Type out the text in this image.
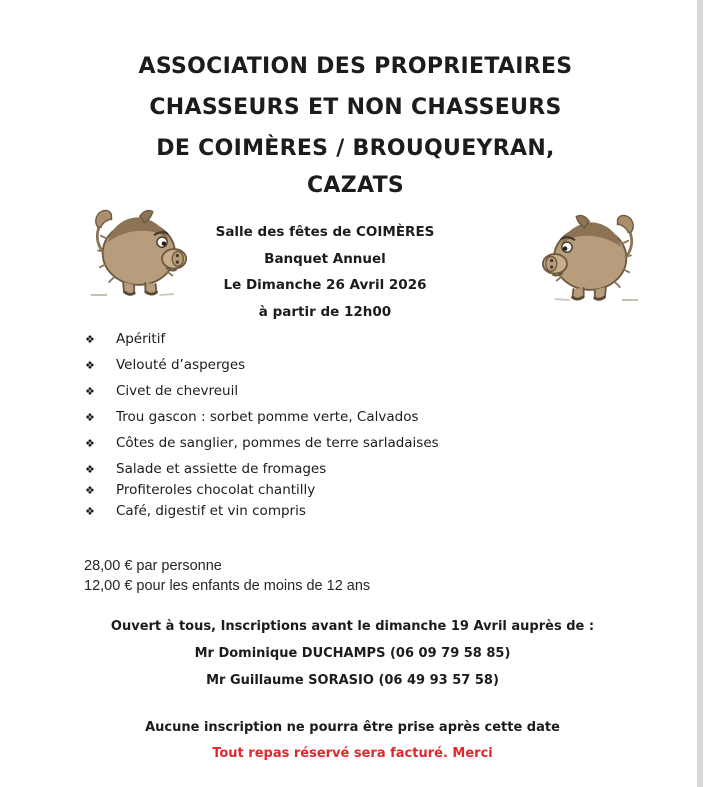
ASSOCIATION DES PROPRIETAIRES
CHASSEURS ET NON CHASSEURS
DE COIMÈRES / BROUQUEYRAN,
CAZATS
Salle des fêtes de COIMÈRES
Banquet Annuel
Le Dimanche 26 Avril 2026
à partir de 12h00
❖	Apéritif
❖	Velouté d’asperges
❖	Civet de chevreuil
❖	Trou gascon : sorbet pomme verte, Calvados
❖	Côtes de sanglier, pommes de terre sarladaises
❖	Salade et assiette de fromages
❖	Profiteroles chocolat chantilly
❖	Café, digestif et vin compris
28,00 € par personne
12,00 € pour les enfants de moins de 12 ans
Ouvert à tous, Inscriptions avant le dimanche 19 Avril auprès de :
Mr Dominique DUCHAMPS (06 09 79 58 85)
Mr Guillaume SORASIO (06 49 93 57 58)
Aucune inscription ne pourra être prise après cette date
Tout repas réservé sera facturé. Merci
